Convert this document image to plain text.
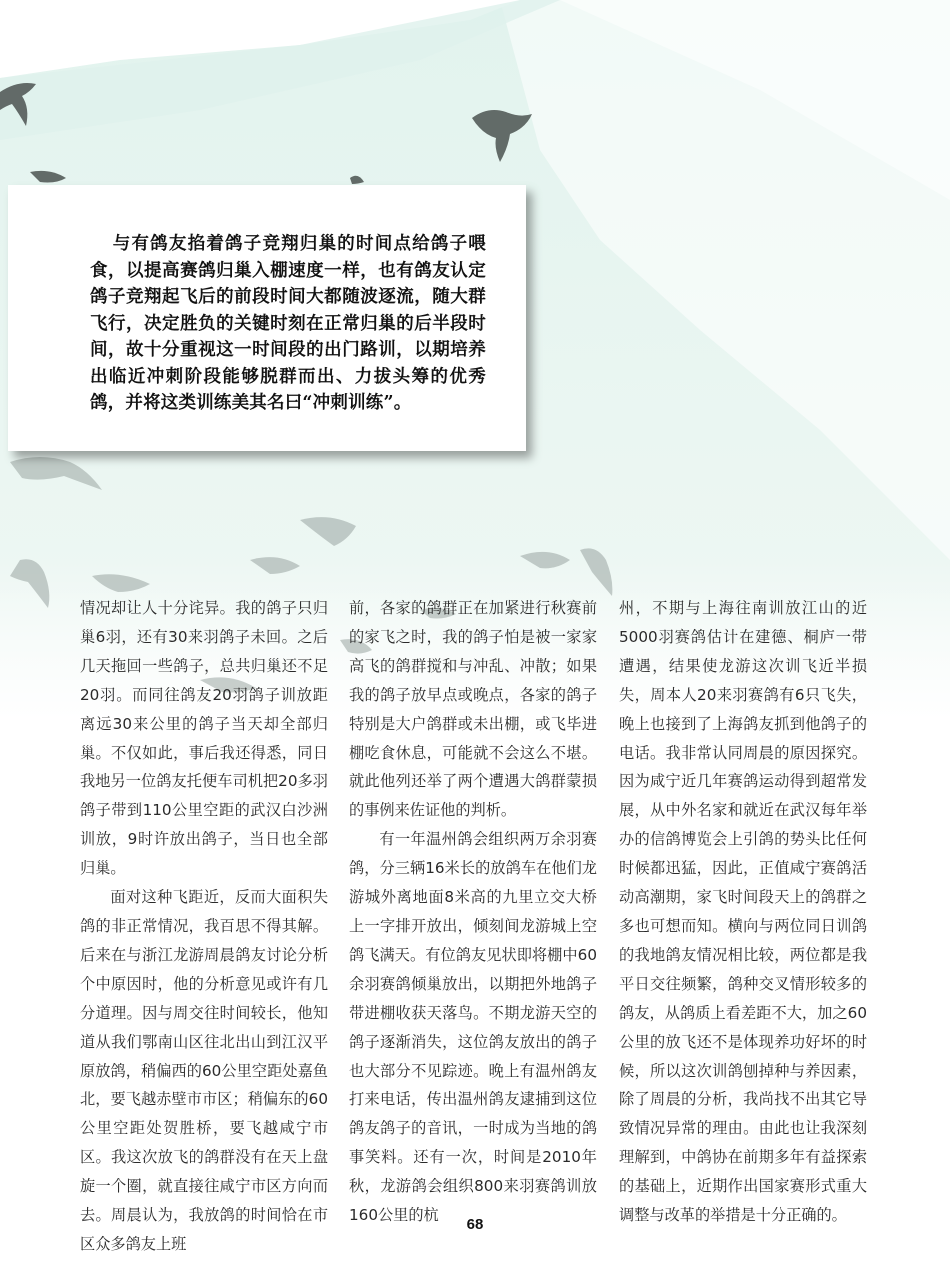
与有鸽友掐着鸽子竞翔归巢的时间点给鸽子喂食，以提高赛鸽归巢入棚速度一样，也有鸽友认定鸽子竞翔起飞后的前段时间大都随波逐流，随大群飞行，决定胜负的关键时刻在正常归巢的后半段时间，故十分重视这一时间段的出门路训，以期培养出临近冲刺阶段能够脱群而出、力拔头筹的优秀鸽，并将这类训练美其名曰“冲刺训练”。

情况却让人十分诧异。我的鸽子只归巢6羽，还有30来羽鸽子未回。之后几天拖回一些鸽子，总共归巢还不足20羽。而同往鸽友20羽鸽子训放距离远30来公里的鸽子当天却全部归巢。不仅如此，事后我还得悉，同日我地另一位鸽友托便车司机把20多羽鸽子带到110公里空距的武汉白沙洲训放，9时许放出鸽子，当日也全部归巢。

面对这种飞距近，反而大面积失鸽的非正常情况，我百思不得其解。后来在与浙江龙游周晨鸽友讨论分析个中原因时，他的分析意见或许有几分道理。因与周交往时间较长，他知道从我们鄂南山区往北出山到江汉平原放鸽，稍偏西的60公里空距处嘉鱼北，要飞越赤壁市市区；稍偏东的60公里空距处贺胜桥，要飞越咸宁市区。我这次放飞的鸽群没有在天上盘旋一个圈，就直接往咸宁市区方向而去。周晨认为，我放鸽的时间恰在市区众多鸽友上班

前，各家的鸽群正在加紧进行秋赛前的家飞之时，我的鸽子怕是被一家家高飞的鸽群搅和与冲乱、冲散；如果我的鸽子放早点或晚点，各家的鸽子特别是大户鸽群或未出棚，或飞毕进棚吃食休息，可能就不会这么不堪。就此他列还举了两个遭遇大鸽群蒙损的事例来佐证他的判析。

有一年温州鸽会组织两万余羽赛鸽，分三辆16米长的放鸽车在他们龙游城外离地面8米高的九里立交大桥上一字排开放出，倾刻间龙游城上空鸽飞满天。有位鸽友见状即将棚中60余羽赛鸽倾巢放出，以期把外地鸽子带进棚收获天落鸟。不期龙游天空的鸽子逐渐消失，这位鸽友放出的鸽子也大部分不见踪迹。晚上有温州鸽友打来电话，传出温州鸽友逮捕到这位鸽友鸽子的音讯，一时成为当地的鸽事笑料。还有一次，时间是2010年秋，龙游鸽会组织800来羽赛鸽训放160公里的杭

州，不期与上海往南训放江山的近5000羽赛鸽估计在建德、桐庐一带遭遇，结果使龙游这次训飞近半损失，周本人20来羽赛鸽有6只飞失，晚上也接到了上海鸽友抓到他鸽子的电话。我非常认同周晨的原因探究。因为咸宁近几年赛鸽运动得到超常发展，从中外名家和就近在武汉每年举办的信鸽博览会上引鸽的势头比任何时候都迅猛，因此，正值咸宁赛鸽活动高潮期，家飞时间段天上的鸽群之多也可想而知。横向与两位同日训鸽的我地鸽友情况相比较，两位都是我平日交往频繁，鸽种交叉情形较多的鸽友，从鸽质上看差距不大，加之60公里的放飞还不是体现养功好坏的时候，所以这次训鸽刨掉种与养因素，除了周晨的分析，我尚找不出其它导致情况异常的理由。由此也让我深刻理解到，中鸽协在前期多年有益探索的基础上，近期作出国家赛形式重大调整与改革的举措是十分正确的。

68
